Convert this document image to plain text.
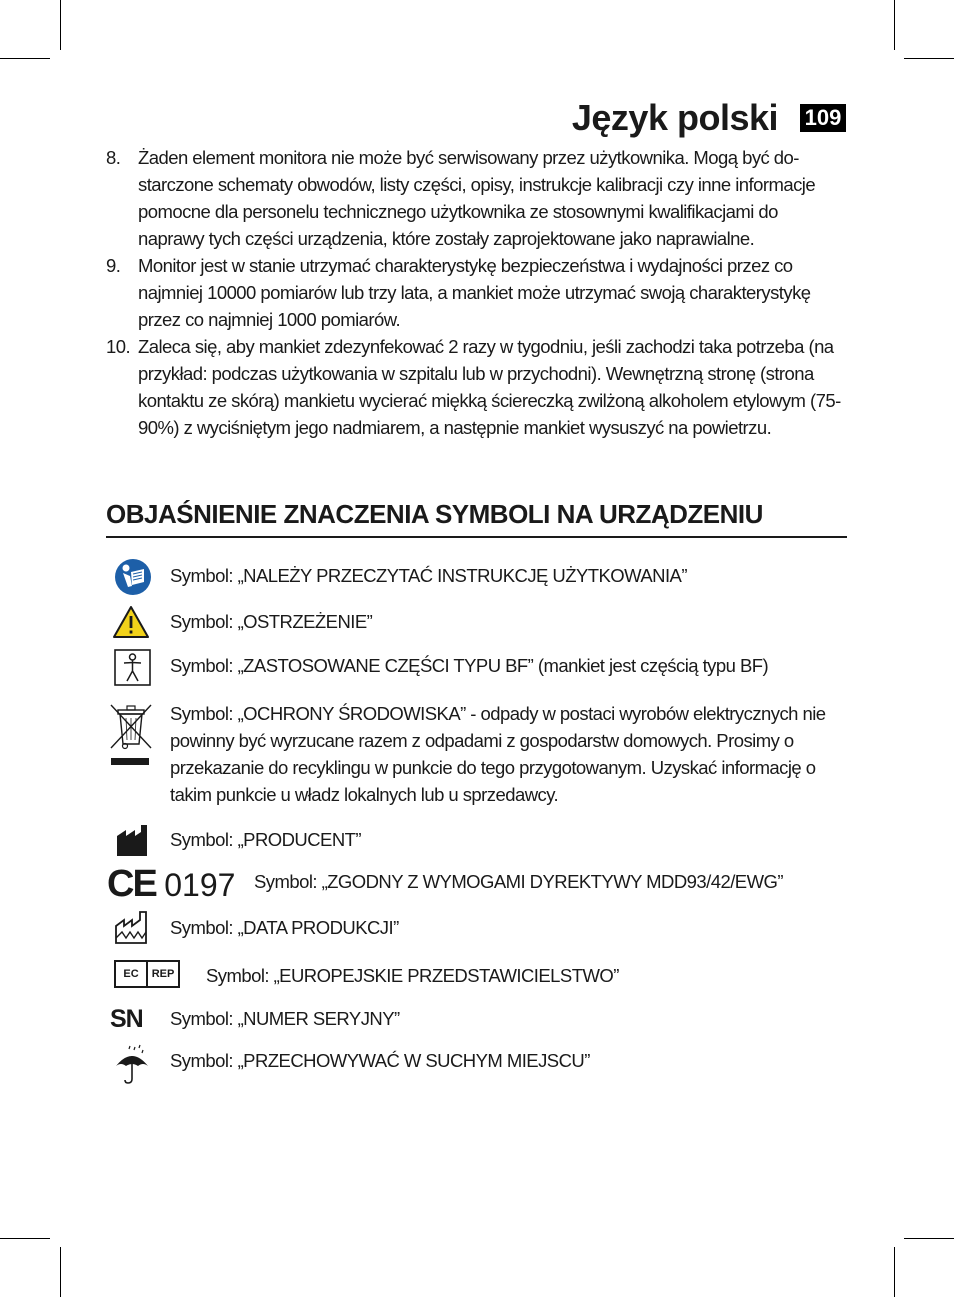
Język polski 109
8. Żaden element monitora nie może być serwisowany przez użytkownika. Mogą być dostarczone schematy obwodów, listy części, opisy, instrukcje kalibracji czy inne informacje pomocne dla personelu technicznego użytkownika ze stosownymi kwalifikacjami do naprawy tych części urządzenia, które zostały zaprojektowane jako naprawialne.
9. Monitor jest w stanie utrzymać charakterystykę bezpieczeństwa i wydajności przez co najmniej 10000 pomiarów lub trzy lata, a mankiet może utrzymać swoją charakterystykę przez co najmniej 1000 pomiarów.
10. Zaleca się, aby mankiet zdezynfekować 2 razy w tygodniu, jeśli zachodzi taka potrzeba (na przykład: podczas użytkowania w szpitalu lub w przychodni). Wewnętrzną stronę (strona kontaktu ze skórą) mankietu wycierać miękką ściereczką zwilżoną alkoholem etylowym (75-90%) z wyciśniętym jego nadmiarem, a następnie mankiet wysuszyć na powietrzu.
OBJAŚNIENIE ZNACZENIA SYMBOLI NA URZĄDZENIU
Symbol: „NALEŻY PRZECZYTAĆ INSTRUKCJĘ UŻYTKOWANIA”
Symbol: „OSTRZEŻENIE”
Symbol: „ZASTOSOWANE CZĘŚCI TYPU BF” (mankiet jest częścią typu BF)
Symbol: „OCHRONY ŚRODOWISKA” - odpady w postaci wyrobów elektrycznych nie powinny być wyrzucane razem z odpadami z gospodarstw domowych. Prosimy o przekazanie do recyklingu w punkcie do tego przygotowanym. Uzyskać informację o takim punkcie u władz lokalnych lub u sprzedawcy.
Symbol: „PRODUCENT”
CE 0197 Symbol: „ZGODNY Z WYMOGAMI DYREKTYWY MDD93/42/EWG”
Symbol: „DATA PRODUKCJI”
EC	REP Symbol: „EUROPEJSKIE PRZEDSTAWICIELSTWO”
SN Symbol: „NUMER SERYJNY”
Symbol: „PRZECHOWYWAĆ W SUCHYM MIEJSCU”
